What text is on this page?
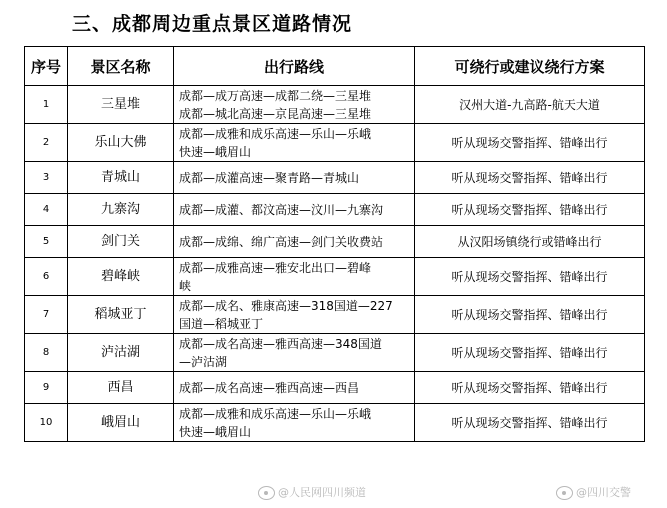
三、成都周边重点景区道路情况
序号	景区名称	出行路线	可绕行或建议绕行方案
1	三星堆	成都—成万高速—成都二绕—三星堆
成都—城北高速—京昆高速—三星堆	汉州大道-九高路-航天大道
2	乐山大佛	成都—成雅和成乐高速—乐山—乐峨
快速—峨眉山	听从现场交警指挥、错峰出行
3	青城山	成都—成灌高速—聚青路—青城山	听从现场交警指挥、错峰出行
4	九寨沟	成都—成灌、都汶高速—汶川—九寨沟	听从现场交警指挥、错峰出行
5	剑门关	成都—成绵、绵广高速—剑门关收费站	从汉阳场镇绕行或错峰出行
6	碧峰峡	成都—成雅高速—雅安北出口—碧峰
峡	听从现场交警指挥、错峰出行
7	稻城亚丁	成都—成名、雅康高速—318国道—227
国道—稻城亚丁	听从现场交警指挥、错峰出行
8	泸沽湖	成都—成名高速—雅西高速—348国道
—泸沽湖	听从现场交警指挥、错峰出行
9	西昌	成都—成名高速—雅西高速—西昌	听从现场交警指挥、错峰出行
10	峨眉山	成都—成雅和成乐高速—乐山—乐峨
快速—峨眉山	听从现场交警指挥、错峰出行
@人民网四川频道	@四川交警
